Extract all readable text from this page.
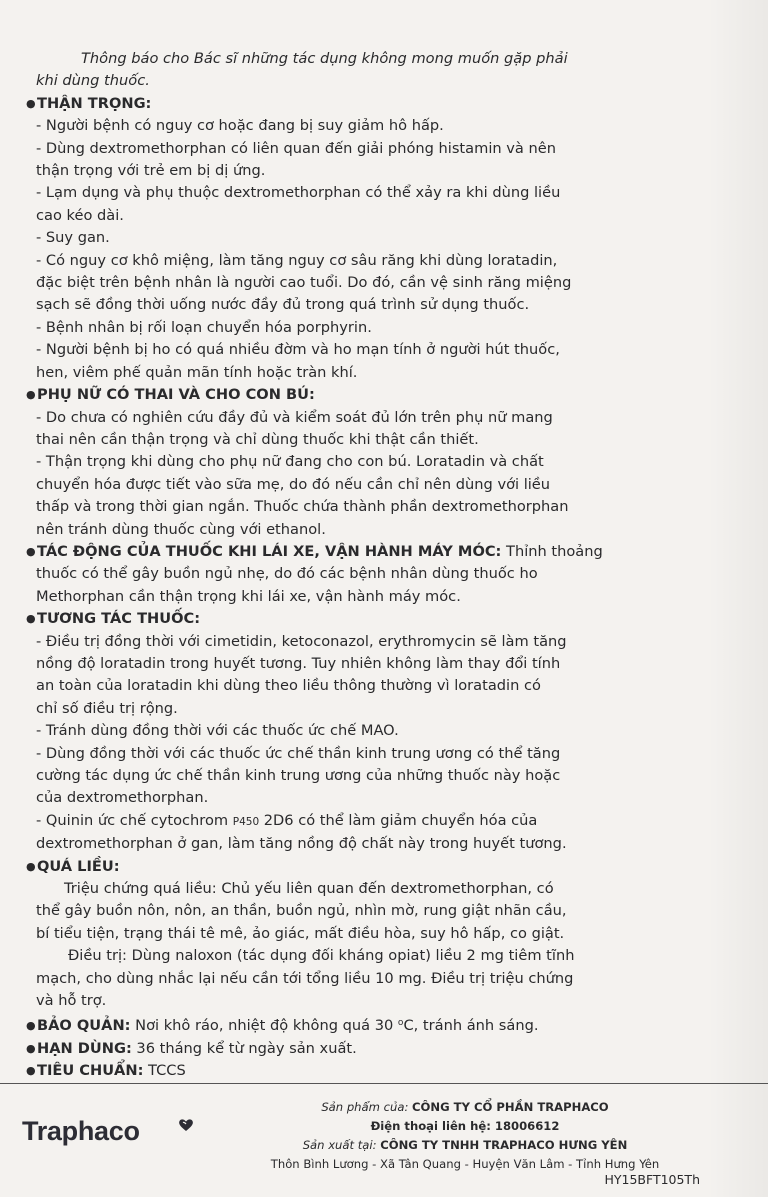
Thông báo cho Bác sĩ những tác dụng không mong muốn gặp phải

khi dùng thuốc.

●THẬN TRỌNG:

- Người bệnh có nguy cơ hoặc đang bị suy giảm hô hấp.

- Dùng dextromethorphan có liên quan đến giải phóng histamin và nên

thận trọng với trẻ em bị dị ứng.

- Lạm dụng và phụ thuộc dextromethorphan có thể xảy ra khi dùng liều

cao kéo dài.

- Suy gan.

- Có nguy cơ khô miệng, làm tăng nguy cơ sâu răng khi dùng loratadin,

đặc biệt trên bệnh nhân là người cao tuổi. Do đó, cần vệ sinh răng miệng

sạch sẽ đồng thời uống nước đầy đủ trong quá trình sử dụng thuốc.

- Bệnh nhân bị rối loạn chuyển hóa porphyrin.

- Người bệnh bị ho có quá nhiều đờm và ho mạn tính ở người hút thuốc,

hen, viêm phế quản mãn tính hoặc tràn khí.

●PHỤ NỮ CÓ THAI VÀ CHO CON BÚ:

- Do chưa có nghiên cứu đầy đủ và kiểm soát đủ lớn trên phụ nữ mang

thai nên cần thận trọng và chỉ dùng thuốc khi thật cần thiết.

- Thận trọng khi dùng cho phụ nữ đang cho con bú. Loratadin và chất

chuyển hóa được tiết vào sữa mẹ, do đó nếu cần chỉ nên dùng với liều

thấp và trong thời gian ngắn. Thuốc chứa thành phần dextromethorphan

nên tránh dùng thuốc cùng với ethanol.

●TÁC ĐỘNG CỦA THUỐC KHI LÁI XE, VẬN HÀNH MÁY MÓC: Thỉnh thoảng

thuốc có thể gây buồn ngủ nhẹ, do đó các bệnh nhân dùng thuốc ho

Methorphan cần thận trọng khi lái xe, vận hành máy móc.

●TƯƠNG TÁC THUỐC:

- Điều trị đồng thời với cimetidin, ketoconazol, erythromycin sẽ làm tăng

nồng độ loratadin trong huyết tương. Tuy nhiên không làm thay đổi tính

an toàn của loratadin khi dùng theo liều thông thường vì loratadin có

chỉ số điều trị rộng.

- Tránh dùng đồng thời với các thuốc ức chế MAO.

- Dùng đồng thời với các thuốc ức chế thần kinh trung ương có thể tăng

cường tác dụng ức chế thần kinh trung ương của những thuốc này hoặc

của dextromethorphan.

- Quinin ức chế cytochrom P450 2D6 có thể làm giảm chuyển hóa của

dextromethorphan ở gan, làm tăng nồng độ chất này trong huyết tương.

●QUÁ LIỀU:

Triệu chứng quá liều: Chủ yếu liên quan đến dextromethorphan, có

thể gây buồn nôn, nôn, an thần, buồn ngủ, nhìn mờ, rung giật nhãn cầu,

bí tiểu tiện, trạng thái tê mê, ảo giác, mất điều hòa, suy hô hấp, co giật.

Điều trị: Dùng naloxon (tác dụng đối kháng opiat) liều 2 mg tiêm tĩnh

mạch, cho dùng nhắc lại nếu cần tới tổng liều 10 mg. Điều trị triệu chứng

và hỗ trợ.

●BẢO QUẢN: Nơi khô ráo, nhiệt độ không quá 30 $^o$C, tránh ánh sáng.

●HẠN DÙNG: 36 tháng kể từ ngày sản xuất.

●TIÊU CHUẨN: TCCS

Traphaco
Sản phẩm của: CÔNG TY CỔ PHẦN TRAPHACO
Điện thoại liên hệ: 18006612
Sản xuất tại: CÔNG TY TNHH TRAPHACO HƯNG YÊN
Thôn Bình Lương - Xã Tân Quang - Huyện Văn Lâm - Tỉnh Hưng Yên
HY15BFT105Th
